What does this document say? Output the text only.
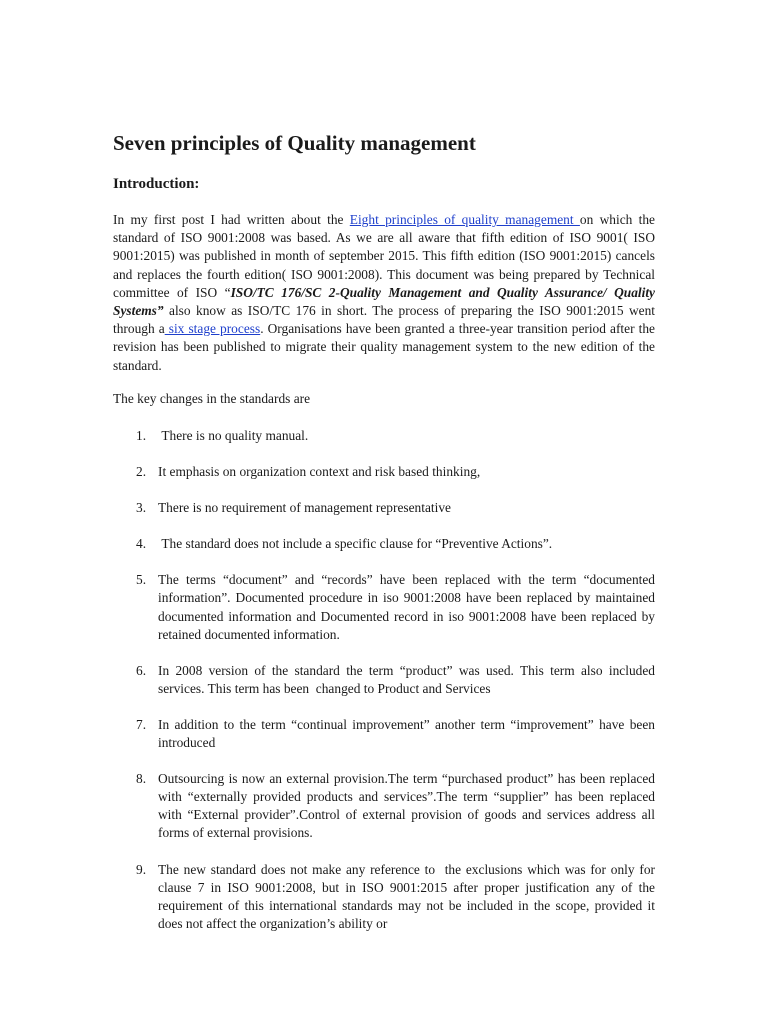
Seven principles of Quality management
Introduction:

In my first post I had written about the Eight principles of quality management on which the standard of ISO 9001:2008 was based. As we are all aware that fifth edition of ISO 9001( ISO 9001:2015) was published in month of september 2015. This fifth edition (ISO 9001:2015) cancels and replaces the fourth edition( ISO 9001:2008). This document was being prepared by Technical committee of ISO “ISO/TC 176/SC 2-Quality Management and Quality Assurance/ Quality Systems” also know as ISO/TC 176 in short. The process of preparing the ISO 9001:2015 went through a six stage process. Organisations have been granted a three-year transition period after the revision has been published to migrate their quality management system to the new edition of the standard.

The key changes in the standards are

1. There is no quality manual.
2. It emphasis on organization context and risk based thinking,
3. There is no requirement of management representative
4. The standard does not include a specific clause for “Preventive Actions”.
5. The terms “document” and “records” have been replaced with the term “documented information”. Documented procedure in iso 9001:2008 have been replaced by maintained documented information and Documented record in iso 9001:2008 have been replaced by retained documented information.
6. In 2008 version of the standard the term “product” was used. This term also included services. This term has been  changed to Product and Services
7. In addition to the term “continual improvement” another term “improvement” have been introduced
8. Outsourcing is now an external provision.The term “purchased product” has been replaced with “externally provided products and services”.The term “supplier” has been replaced with “External provider”.Control of external provision of goods and services address all forms of external provisions.
9. The new standard does not make any reference to  the exclusions which was for only for clause 7 in ISO 9001:2008, but in ISO 9001:2015 after proper justification any of the requirement of this international standards may not be included in the scope, provided it does not affect the organization’s ability or
